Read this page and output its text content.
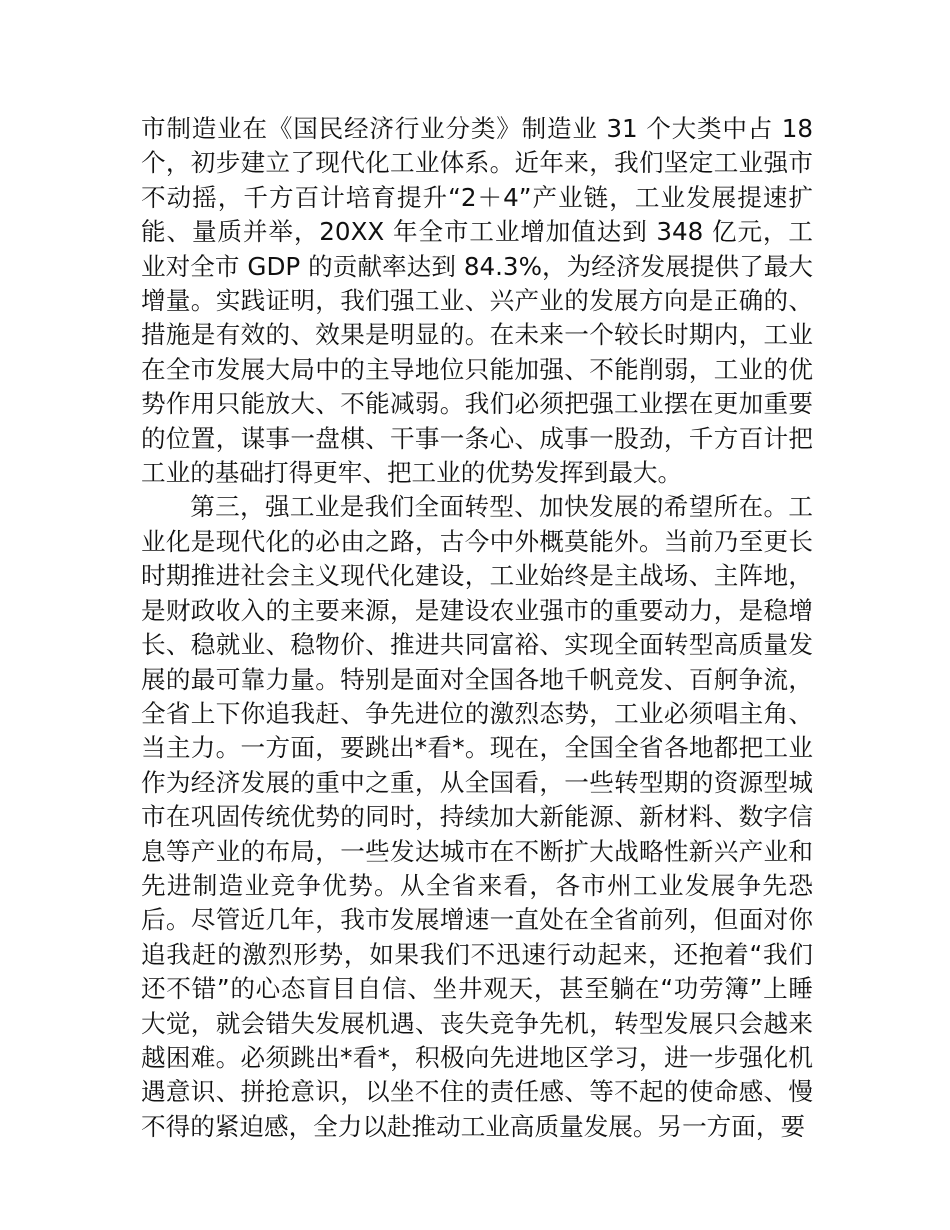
市制造业在《国民经济行业分类》制造业 31 个大类中占 18 个，初步建立了现代化工业体系。近年来，我们坚定工业强市不动摇，千方百计培育提升“2＋4”产业链，工业发展提速扩能、量质并举，20XX 年全市工业增加值达到 348 亿元，工业对全市 GDP 的贡献率达到 84.3%，为经济发展提供了最大增量。实践证明，我们强工业、兴产业的发展方向是正确的、措施是有效的、效果是明显的。在未来一个较长时期内，工业在全市发展大局中的主导地位只能加强、不能削弱，工业的优势作用只能放大、不能减弱。我们必须把强工业摆在更加重要的位置，谋事一盘棋、干事一条心、成事一股劲，千方百计把工业的基础打得更牢、把工业的优势发挥到最大。

第三，强工业是我们全面转型、加快发展的希望所在。工业化是现代化的必由之路，古今中外概莫能外。当前乃至更长时期推进社会主义现代化建设，工业始终是主战场、主阵地，是财政收入的主要来源，是建设农业强市的重要动力，是稳增长、稳就业、稳物价、推进共同富裕、实现全面转型高质量发展的最可靠力量。特别是面对全国各地千帆竞发、百舸争流，全省上下你追我赶、争先进位的激烈态势，工业必须唱主角、当主力。一方面，要跳出*看*。现在，全国全省各地都把工业作为经济发展的重中之重，从全国看，一些转型期的资源型城市在巩固传统优势的同时，持续加大新能源、新材料、数字信息等产业的布局，一些发达城市在不断扩大战略性新兴产业和先进制造业竞争优势。从全省来看，各市州工业发展争先恐后。尽管近几年，我市发展增速一直处在全省前列，但面对你追我赶的激烈形势，如果我们不迅速行动起来，还抱着“我们还不错”的心态盲目自信、坐井观天，甚至躺在“功劳簿”上睡大觉，就会错失发展机遇、丧失竞争先机，转型发展只会越来越困难。必须跳出*看*，积极向先进地区学习，进一步强化机遇意识、拼抢意识，以坐不住的责任感、等不起的使命感、慢不得的紧迫感，全力以赴推动工业高质量发展。另一方面，要
